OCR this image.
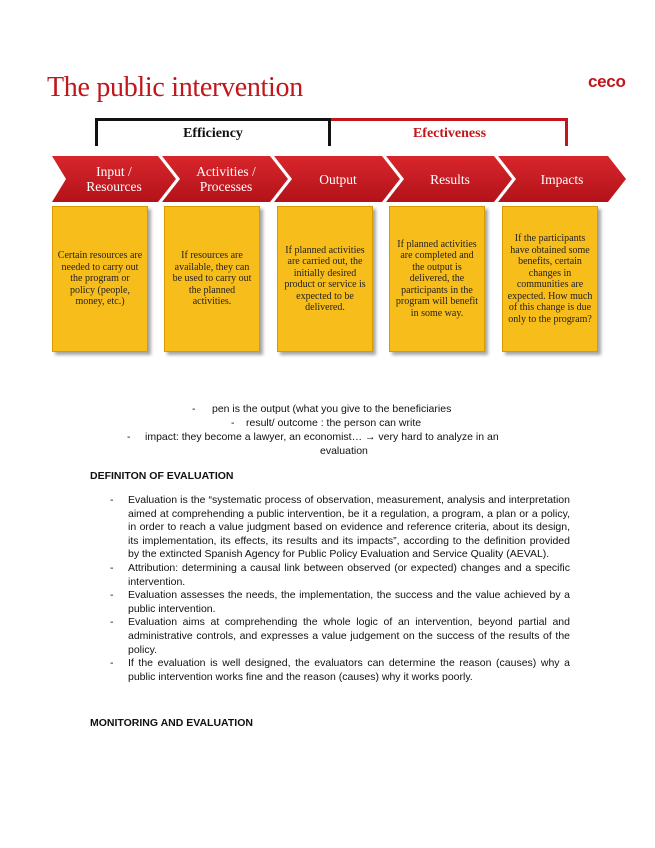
The public intervention	ceco
Efficiency	Efectiveness
Input /
Resources
Activities /
Processes	Output	Results	Impacts
Certain resources are needed to carry out the program or policy (people, money, etc.)
If resources are available, they can be used to carry out the planned activities.
If planned activities are carried out, the initially desired product or service is expected to be delivered.
If planned activities are completed and the output is delivered, the participants in the program will benefit in some way.
If the participants have obtained some benefits, certain changes in communities are expected. How much of this change is due only to the program?
- pen is the output (what you give to the beneficiaries
- result/ outcome : the person can write
- impact: they become a lawyer, an economist… → very hard to analyze in an
evaluation
DEFINITON OF EVALUATION
- Evaluation is the “systematic process of observation, measurement, analysis and interpretation aimed at comprehending a public intervention, be it a regulation, a program, a plan or a policy, in order to reach a value judgment based on evidence and reference criteria, about its design, its implementation, its effects, its results and its impacts”, according to the definition provided by the extincted Spanish Agency for Public Policy Evaluation and Service Quality (AEVAL).
- Attribution: determining a causal link between observed (or expected) changes and a specific intervention.
- Evaluation assesses the needs, the implementation, the success and the value achieved by a public intervention.
- Evaluation aims at comprehending the whole logic of an intervention, beyond partial and administrative controls, and expresses a value judgement on the success of the results of the policy.
- If the evaluation is well designed, the evaluators can determine the reason (causes) why a public intervention works fine and the reason (causes) why it works poorly.
MONITORING AND EVALUATION
